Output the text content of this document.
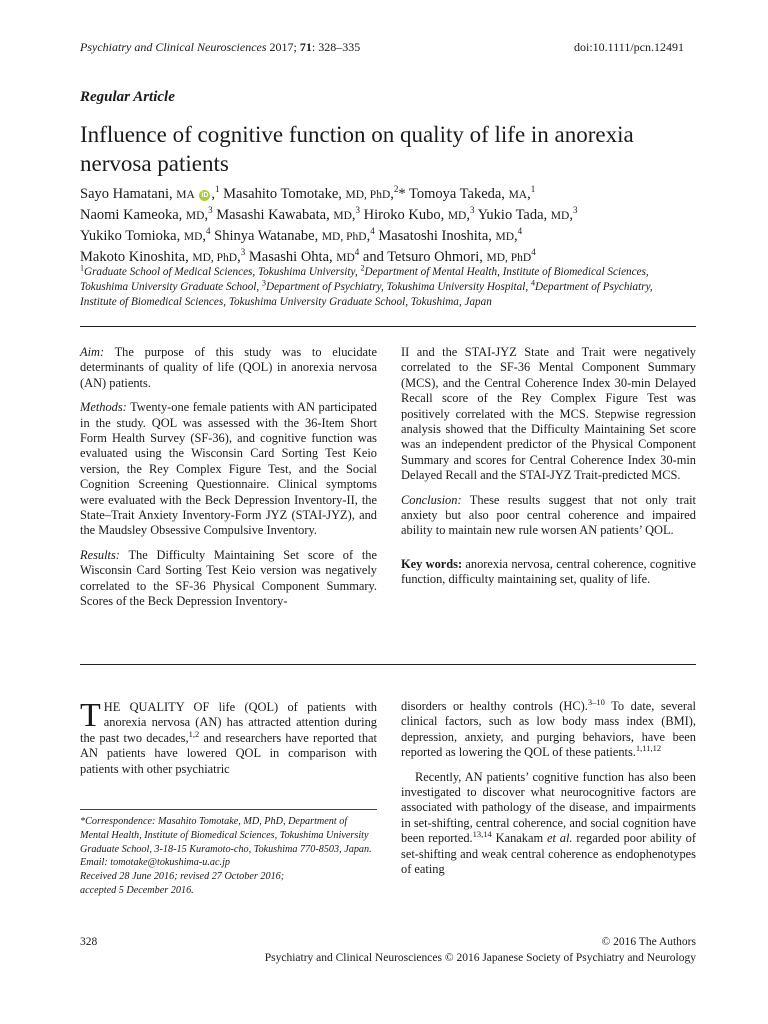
Psychiatry and Clinical Neurosciences 2017; 71: 328–335	doi:10.1111/pcn.12491
Regular Article
Influence of cognitive function on quality of life in anorexia nervosa patients
Sayo Hamatani, MA iD ,$^1$ Masahito Tomotake, MD, PhD,$^2$* Tomoya Takeda, MA,$^1$
Naomi Kameoka, MD,$^3$ Masashi Kawabata, MD,$^3$ Hiroko Kubo, MD,$^3$ Yukio Tada, MD,$^3$
Yukiko Tomioka, MD,$^4$ Shinya Watanabe, MD, PhD,$^4$ Masatoshi Inoshita, MD,$^4$
Makoto Kinoshita, MD, PhD,$^3$ Masashi Ohta, $MD^4$ and Tetsuro Ohmori, MD, PhD$^4$
$^1$Graduate School of Medical Sciences, Tokushima University, $^2$Department of Mental Health, Institute of Biomedical Sciences, Tokushima University Graduate School, $^3$Department of Psychiatry, Tokushima University Hospital, $^4$Department of Psychiatry, Institute of Biomedical Sciences, Tokushima University Graduate School, Tokushima, Japan

Aim: The purpose of this study was to elucidate determinants of quality of life (QOL) in anorexia nervosa (AN) patients.

Methods: Twenty-one female patients with AN participated in the study. QOL was assessed with the 36-Item Short Form Health Survey (SF-36), and cognitive function was evaluated using the Wisconsin Card Sorting Test Keio version, the Rey Complex Figure Test, and the Social Cognition Screening Questionnaire. Clinical symptoms were evaluated with the Beck Depression Inventory-II, the State–Trait Anxiety Inventory-Form JYZ (STAI-JYZ), and the Maudsley Obsessive Compulsive Inventory.

Results: The Difficulty Maintaining Set score of the Wisconsin Card Sorting Test Keio version was negatively correlated to the SF-36 Physical Component Summary. Scores of the Beck Depression Inventory-

II and the STAI-JYZ State and Trait were negatively correlated to the SF-36 Mental Component Summary (MCS), and the Central Coherence Index 30-min Delayed Recall score of the Rey Complex Figure Test was positively correlated with the MCS. Stepwise regression analysis showed that the Difficulty Maintaining Set score was an independent predictor of the Physical Component Summary and scores for Central Coherence Index 30-min Delayed Recall and the STAI-JYZ Trait-predicted MCS.

Conclusion: These results suggest that not only trait anxiety but also poor central coherence and impaired ability to maintain new rule worsen AN patients’ QOL.

Key words: anorexia nervosa, central coherence, cognitive function, difficulty maintaining set, quality of life.

THE QUALITY OF life (QOL) of patients with anorexia nervosa (AN) has attracted attention during the past two decades,$^{1,2}$ and researchers have reported that AN patients have lowered QOL in comparison with patients with other psychiatric

disorders or healthy controls (HC).$^{3-10}$ To date, several clinical factors, such as low body mass index (BMI), depression, anxiety, and purging behaviors, have been reported as lowering the QOL of these patients.$^{1,11,12}$

Recently, AN patients’ cognitive function has also been investigated to discover what neurocognitive factors are associated with pathology of the disease, and impairments in set-shifting, central coherence, and social cognition have been reported.$^{13,14}$ Kanakam et al. regarded poor ability of set-shifting and weak central coherence as endophenotypes of eating

*Correspondence: Masahito Tomotake, MD, PhD, Department of
Mental Health, Institute of Biomedical Sciences, Tokushima University
Graduate School, 3-18-15 Kuramoto-cho, Tokushima 770-8503, Japan.
Email: tomotake@tokushima-u.ac.jp
Received 28 June 2016; revised 27 October 2016;
accepted 5 December 2016.
328	© 2016 The Authors
Psychiatry and Clinical Neurosciences © 2016 Japanese Society of Psychiatry and Neurology
